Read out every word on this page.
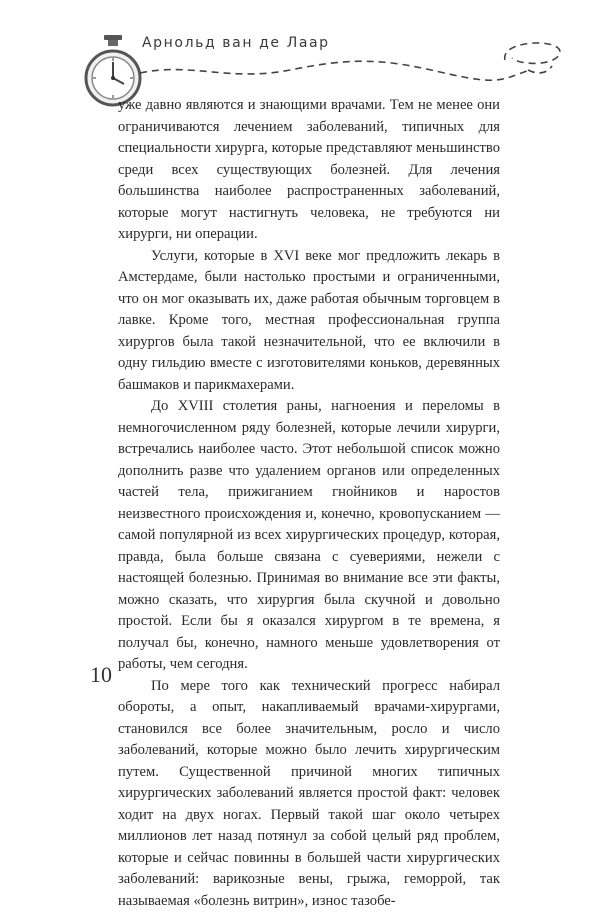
Арнольд ван де Лаар

уже давно являются и знающими врачами. Тем не менее они ограничиваются лечением заболеваний, типичных для специальности хирурга, которые представляют меньшинство среди всех существующих болезней. Для лечения большинства наиболее распространенных заболеваний, которые могут настигнуть человека, не требуются ни хирурги, ни операции.

Услуги, которые в XVI веке мог предложить лекарь в Амстердаме, были настолько простыми и ограниченными, что он мог оказывать их, даже работая обычным торговцем в лавке. Кроме того, местная профессиональная группа хирургов была такой незначительной, что ее включили в одну гильдию вместе с изготовителями коньков, деревянных башмаков и парикмахерами.

До XVIII столетия раны, нагноения и переломы в немногочисленном ряду болезней, которые лечили хирурги, встречались наиболее часто. Этот небольшой список можно дополнить разве что удалением органов или определенных частей тела, прижиганием гнойников и наростов неизвестного происхождения и, конечно, кровопусканием — самой популярной из всех хирургических процедур, которая, правда, была больше связана с суевериями, нежели с настоящей болезнью. Принимая во внимание все эти факты, можно сказать, что хирургия была скучной и довольно простой. Если бы я оказался хирургом в те времена, я получал бы, конечно, намного меньше удовлетворения от работы, чем сегодня.

По мере того как технический прогресс набирал обороты, а опыт, накапливаемый врачами-хирургами, становился все более значительным, росло и число заболеваний, которые можно было лечить хирургическим путем. Существенной причиной многих типичных хирургических заболеваний является простой факт: человек ходит на двух ногах. Первый такой шаг около четырех миллионов лет назад потянул за собой целый ряд проблем, которые и сейчас повинны в большей части хирургических заболеваний: варикозные вены, грыжа, геморрой, так называемая «болезнь витрин», износ тазобе-

10
